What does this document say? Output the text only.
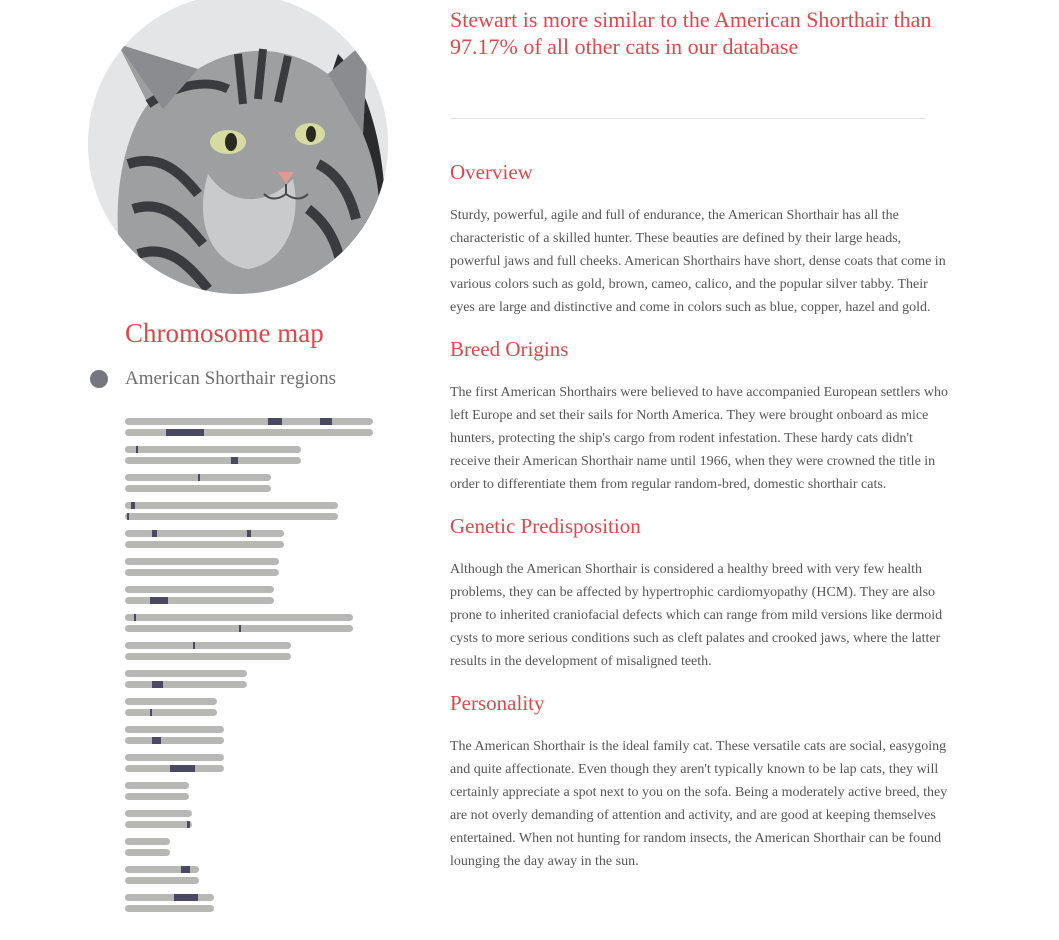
Chromosome map
American Shorthair regions
Stewart is more similar to the American Shorthair than 97.17% of all other cats in our database
Overview

Sturdy, powerful, agile and full of endurance, the American Shorthair has all the characteristic of a skilled hunter. These beauties are defined by their large heads, powerful jaws and full cheeks. American Shorthairs have short, dense coats that come in various colors such as gold, brown, cameo, calico, and the popular silver tabby. Their eyes are large and distinctive and come in colors such as blue, copper, hazel and gold.

Breed Origins

The first American Shorthairs were believed to have accompanied European settlers who left Europe and set their sails for North America. They were brought onboard as mice hunters, protecting the ship's cargo from rodent infestation. These hardy cats didn't receive their American Shorthair name until 1966, when they were crowned the title in order to differentiate them from regular random-bred, domestic shorthair cats.

Genetic Predisposition

Although the American Shorthair is considered a healthy breed with very few health problems, they can be affected by hypertrophic cardiomyopathy (HCM). They are also prone to inherited craniofacial defects which can range from mild versions like dermoid cysts to more serious conditions such as cleft palates and crooked jaws, where the latter results in the development of misaligned teeth.

Personality

The American Shorthair is the ideal family cat. These versatile cats are social, easygoing and quite affectionate. Even though they aren't typically known to be lap cats, they will certainly appreciate a spot next to you on the sofa. Being a moderately active breed, they are not overly demanding of attention and activity, and are good at keeping themselves entertained. When not hunting for random insects, the American Shorthair can be found lounging the day away in the sun.
